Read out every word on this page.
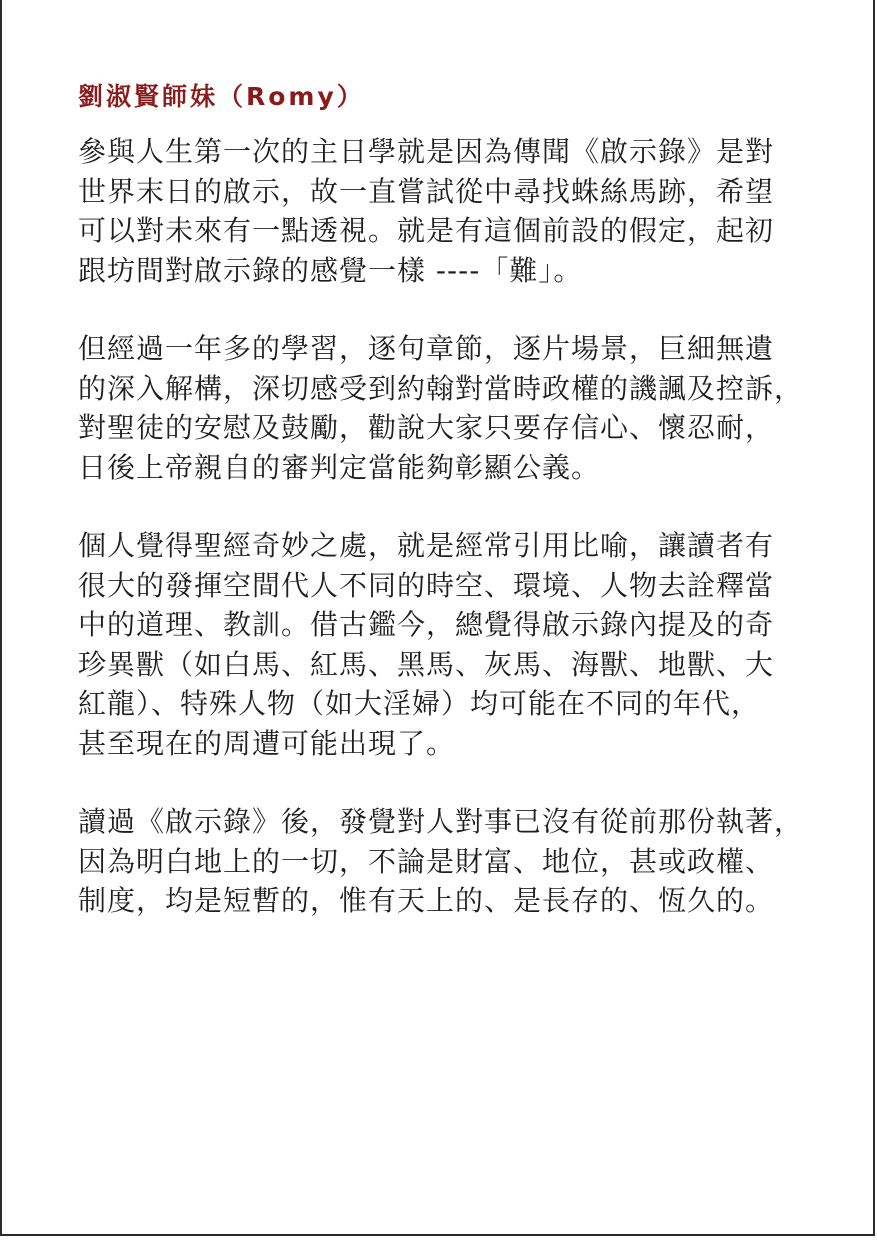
劉淑賢師妹（Romy）
參與人生第一次的主日學就是因為傳聞《啟示錄》是對
世界末日的啟示，故一直嘗試從中尋找蛛絲馬跡，希望
可以對未來有一點透視。就是有這個前設的假定，起初
跟坊間對啟示錄的感覺一樣 ----「難」。
但經過一年多的學習，逐句章節，逐片場景，巨細無遺
的深入解構，深切感受到約翰對當時政權的譏諷及控訴，
對聖徒的安慰及鼓勵，勸說大家只要存信心、懷忍耐，
日後上帝親自的審判定當能夠彰顯公義。
個人覺得聖經奇妙之處，就是經常引用比喻，讓讀者有
很大的發揮空間代人不同的時空、環境、人物去詮釋當
中的道理、教訓。借古鑑今，總覺得啟示錄內提及的奇
珍異獸（如白馬、紅馬、黑馬、灰馬、海獸、地獸、大
紅龍）、特殊人物（如大淫婦）均可能在不同的年代，
甚至現在的周遭可能出現了。
讀過《啟示錄》後，發覺對人對事已沒有從前那份執著，
因為明白地上的一切，不論是財富、地位，甚或政權、
制度，均是短暫的，惟有天上的、是長存的、恆久的。
